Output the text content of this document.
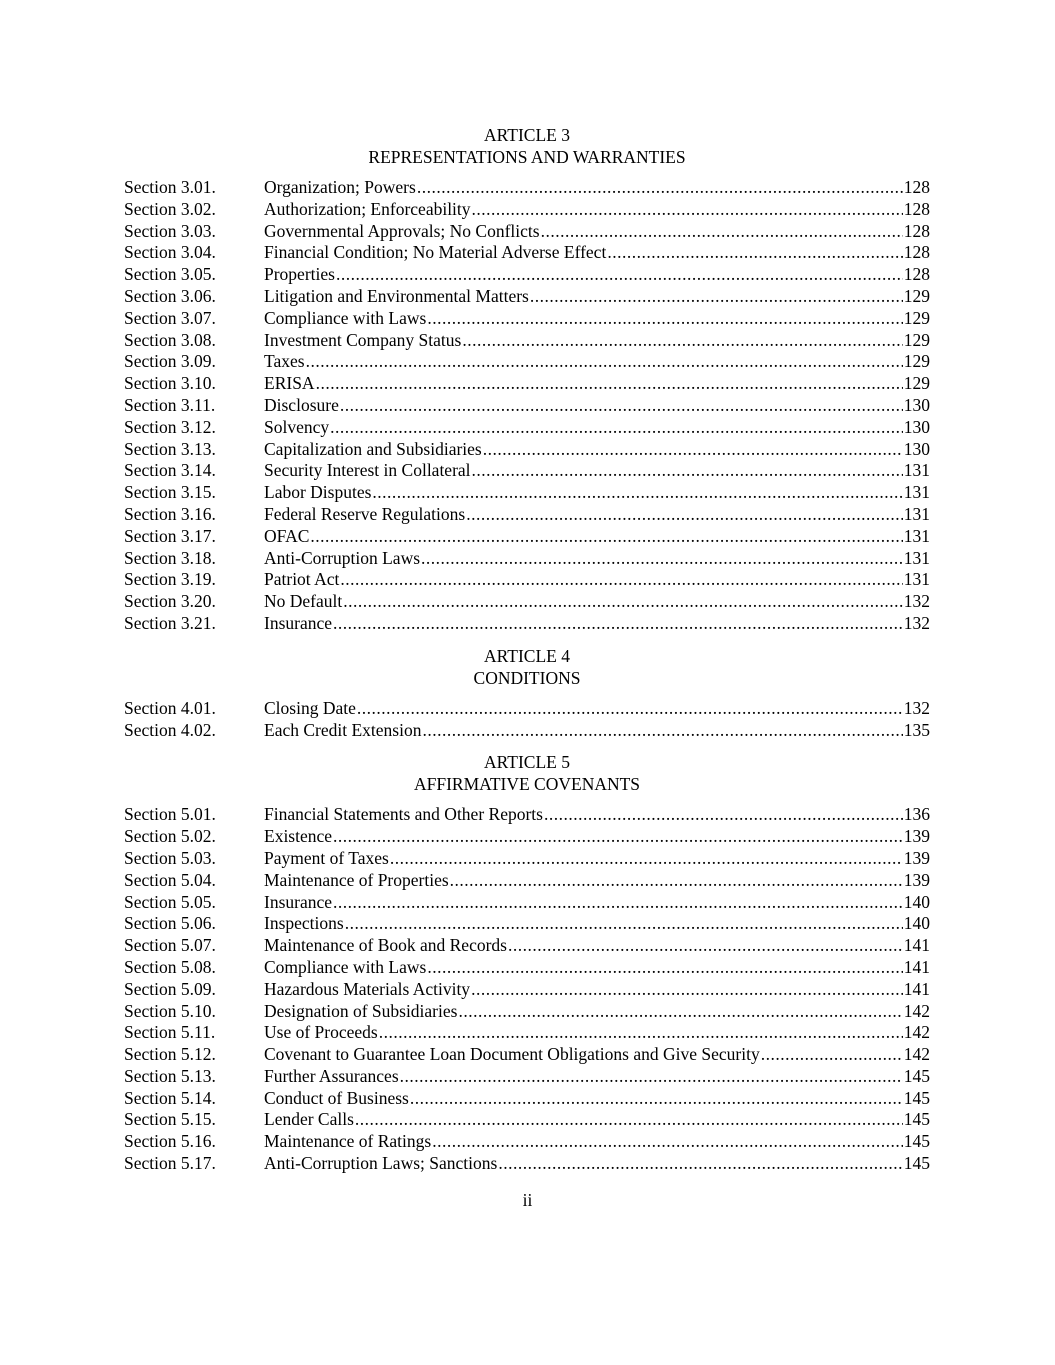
ARTICLE 3
REPRESENTATIONS AND WARRANTIES
Section 3.01.	Organization; Powers .....	128
Section 3.02.	Authorization; Enforceability .....	128
Section 3.03.	Governmental Approvals; No Conflicts .....	128
Section 3.04.	Financial Condition; No Material Adverse Effect .....	128
Section 3.05.	Properties .....	128
Section 3.06.	Litigation and Environmental Matters .....	129
Section 3.07.	Compliance with Laws .....	129
Section 3.08.	Investment Company Status .....	129
Section 3.09.	Taxes .....	129
Section 3.10.	ERISA .....	129
Section 3.11.	Disclosure .....	130
Section 3.12.	Solvency .....	130
Section 3.13.	Capitalization and Subsidiaries .....	130
Section 3.14.	Security Interest in Collateral .....	131
Section 3.15.	Labor Disputes .....	131
Section 3.16.	Federal Reserve Regulations .....	131
Section 3.17.	OFAC .....	131
Section 3.18.	Anti-Corruption Laws .....	131
Section 3.19.	Patriot Act .....	131
Section 3.20.	No Default .....	132
Section 3.21.	Insurance .....	132
ARTICLE 4
CONDITIONS
Section 4.01.	Closing Date .....	132
Section 4.02.	Each Credit Extension .....	135
ARTICLE 5
AFFIRMATIVE COVENANTS
Section 5.01.	Financial Statements and Other Reports .....	136
Section 5.02.	Existence .....	139
Section 5.03.	Payment of Taxes .....	139
Section 5.04.	Maintenance of Properties .....	139
Section 5.05.	Insurance .....	140
Section 5.06.	Inspections .....	140
Section 5.07.	Maintenance of Book and Records .....	141
Section 5.08.	Compliance with Laws .....	141
Section 5.09.	Hazardous Materials Activity .....	141
Section 5.10.	Designation of Subsidiaries .....	142
Section 5.11.	Use of Proceeds .....	142
Section 5.12.	Covenant to Guarantee Loan Document Obligations and Give Security .....	142
Section 5.13.	Further Assurances .....	145
Section 5.14.	Conduct of Business .....	145
Section 5.15.	Lender Calls .....	145
Section 5.16.	Maintenance of Ratings .....	145
Section 5.17.	Anti-Corruption Laws; Sanctions .....	145
ii
